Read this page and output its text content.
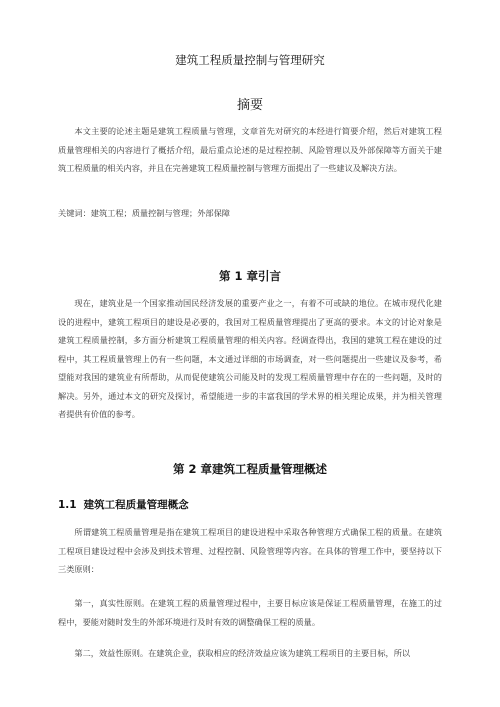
建筑工程质量控制与管理研究
摘要

本文主要的论述主题是建筑工程质量与管理，文章首先对研究的本经进行简要介绍，然后对建筑工程质量管理相关的内容进行了概括介绍，最后重点论述的是过程控制、风险管理以及外部保障等方面关于建筑工程质量的相关内容，并且在完善建筑工程质量控制与管理方面提出了一些建议及解决方法。

关键词：建筑工程；质量控制与管理；外部保障

第 1 章引言

现在，建筑业是一个国家推动国民经济发展的重要产业之一，有着不可或缺的地位。在城市现代化建设的进程中，建筑工程项目的建设是必要的，我国对工程质量管理提出了更高的要求。本文的讨论对象是建筑工程质量控制，多方面分析建筑工程质量管理的相关内容。经调查得出，我国的建筑工程在建设的过程中，其工程质量管理上仍有一些问题，本文通过详细的市场调查，对一些问题提出一些建议及参考，希望能对我国的建筑业有所帮助，从而促使建筑公司能及时的发现工程质量管理中存在的一些问题，及时的解决。另外，通过本文的研究及探讨，希望能进一步的丰富我国的学术界的相关理论成果，并为相关管理者提供有价值的参考。

第 2 章建筑工程质量管理概述
1.1 建筑工程质量管理概念

所谓建筑工程质量管理是指在建筑工程项目的建设进程中采取各种管理方式确保工程的质量。在建筑工程项目建设过程中会涉及到技术管理、过程控制、风险管理等内容。在具体的管理工作中，要坚持以下三类原则：

第一，真实性原则。在建筑工程的质量管理过程中，主要目标应该是保证工程质量管理，在施工的过程中，要能对随时发生的外部环境进行及时有效的调整确保工程的质量。

第二，效益性原则。在建筑企业，获取相应的经济效益应该为建筑工程项目的主要目标，所以
